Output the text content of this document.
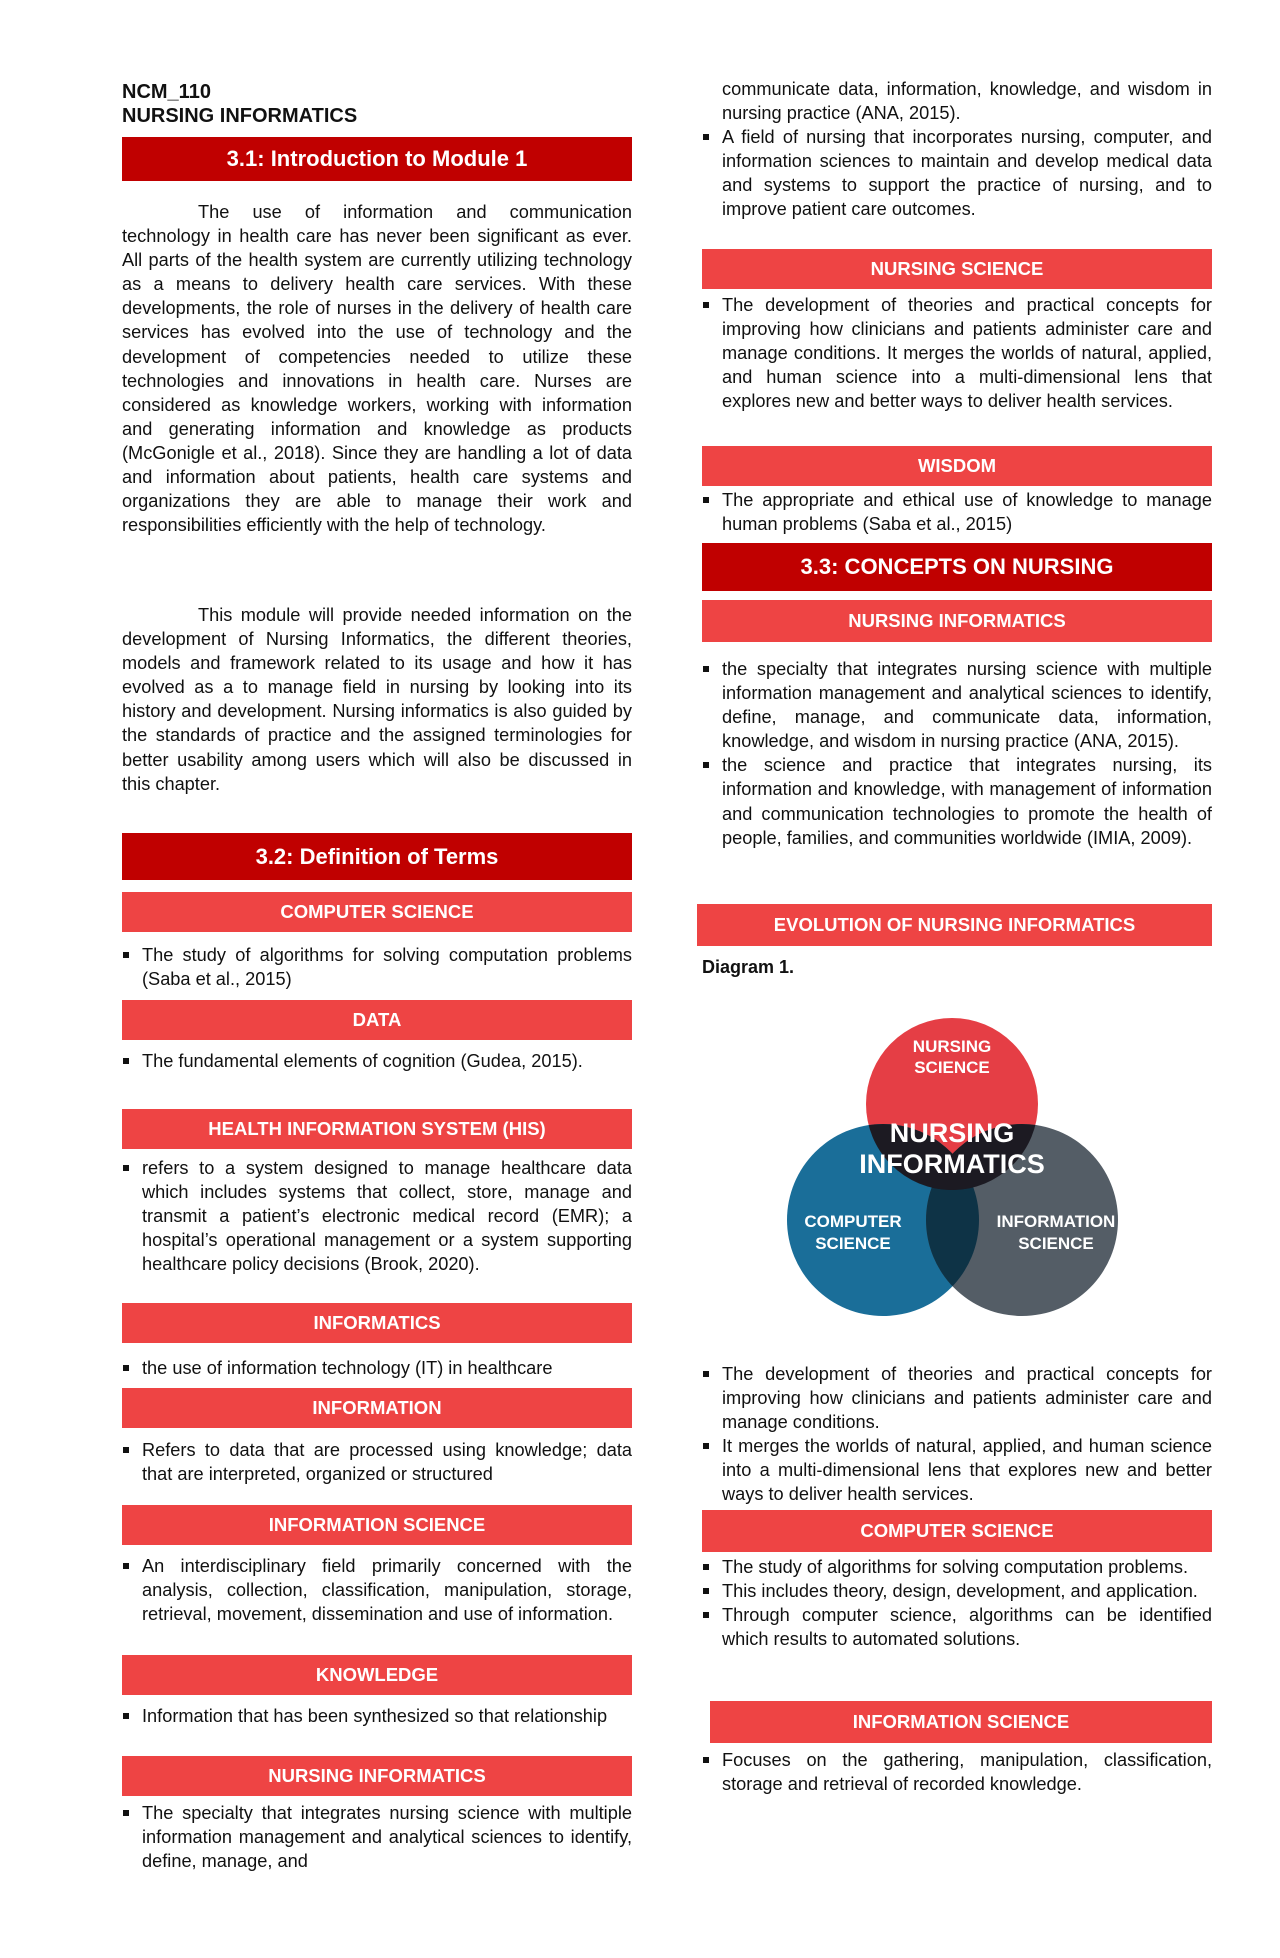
NCM_110
NURSING INFORMATICS
3.1: Introduction to Module 1

The use of information and communication technology in health care has never been significant as ever. All parts of the health system are currently utilizing technology as a means to delivery health care services. With these developments, the role of nurses in the delivery of health care services has evolved into the use of technology and the development of competencies needed to utilize these technologies and innovations in health care. Nurses are considered as knowledge workers, working with information and generating information and knowledge as products (McGonigle et al., 2018). Since they are handling a lot of data and information about patients, health care systems and organizations they are able to manage their work and responsibilities efficiently with the help of technology.

This module will provide needed information on the development of Nursing Informatics, the different theories, models and framework related to its usage and how it has evolved as a to manage field in nursing by looking into its history and development. Nursing informatics is also guided by the standards of practice and the assigned terminologies for better usability among users which will also be discussed in this chapter.

3.2: Definition of Terms
COMPUTER SCIENCE
The study of algorithms for solving computation problems (Saba et al., 2015)
DATA
The fundamental elements of cognition (Gudea, 2015).
HEALTH INFORMATION SYSTEM (HIS)
refers to a system designed to manage healthcare data which includes systems that collect, store, manage and transmit a patient’s electronic medical record (EMR); a hospital’s operational management or a system supporting healthcare policy decisions (Brook, 2020).
INFORMATICS
the use of information technology (IT) in healthcare
INFORMATION
Refers to data that are processed using knowledge; data that are interpreted, organized or structured
INFORMATION SCIENCE
An interdisciplinary field primarily concerned with the analysis, collection, classification, manipulation, storage, retrieval, movement, dissemination and use of information.
KNOWLEDGE
Information that has been synthesized so that relationship
NURSING INFORMATICS
The specialty that integrates nursing science with multiple information management and analytical sciences to identify, define, manage, and

communicate data, information, knowledge, and wisdom in nursing practice (ANA, 2015).

A field of nursing that incorporates nursing, computer, and information sciences to maintain and develop medical data and systems to support the practice of nursing, and to improve patient care outcomes.
NURSING SCIENCE
The development of theories and practical concepts for improving how clinicians and patients administer care and manage conditions. It merges the worlds of natural, applied, and human science into a multi-dimensional lens that explores new and better ways to deliver health services.
WISDOM
The appropriate and ethical use of knowledge to manage human problems (Saba et al., 2015)
3.3: CONCEPTS ON NURSING
NURSING INFORMATICS
the specialty that integrates nursing science with multiple information management and analytical sciences to identify, define, manage, and communicate data, information, knowledge, and wisdom in nursing practice (ANA, 2015).
the science and practice that integrates nursing, its information and knowledge, with management of information and communication technologies to promote the health of people, families, and communities worldwide (IMIA, 2009).
EVOLUTION OF NURSING INFORMATICS
Diagram 1.
NURSING
SCIENCE
NURSING
INFORMATICS
COMPUTER
SCIENCE
INFORMATION
SCIENCE
The development of theories and practical concepts for improving how clinicians and patients administer care and manage conditions.
It merges the worlds of natural, applied, and human science into a multi-dimensional lens that explores new and better ways to deliver health services.
COMPUTER SCIENCE
The study of algorithms for solving computation problems.
This includes theory, design, development, and application.
Through computer science, algorithms can be identified which results to automated solutions.
INFORMATION SCIENCE
Focuses on the gathering, manipulation, classification, storage and retrieval of recorded knowledge.
